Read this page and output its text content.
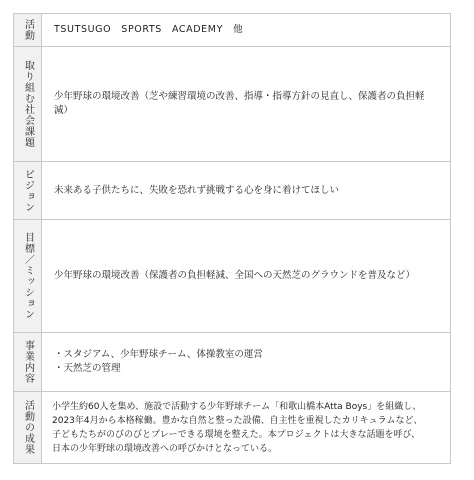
活動 TSUTSUGO　SPORTS　ACADEMY　他
取り組む社会課題 少年野球の環境改善（芝や練習環境の改善、指導・指導方針の見直し、保護者の負担軽減）
ビジョン 未来ある子供たちに、失敗を恐れず挑戦する心を身に着けてほしい
目標／ミッション 少年野球の環境改善（保護者の負担軽減、全国への天然芝のグラウンドを普及など）
事業内容 ・スタジアム、少年野球チーム、体操教室の運営
・天然芝の管理
活動の成果 小学生約60人を集め、施設で活動する少年野球チーム「和歌山橋本Atta Boys」を組織し、
2023年4月から本格稼働。豊かな自然と整った設備、自主性を重視したカリキュラムなど、
子どもたちがのびのびとプレーできる環境を整えた。本プロジェクトは大きな話題を呼び、
日本の少年野球の環境改善への呼びかけとなっている。
